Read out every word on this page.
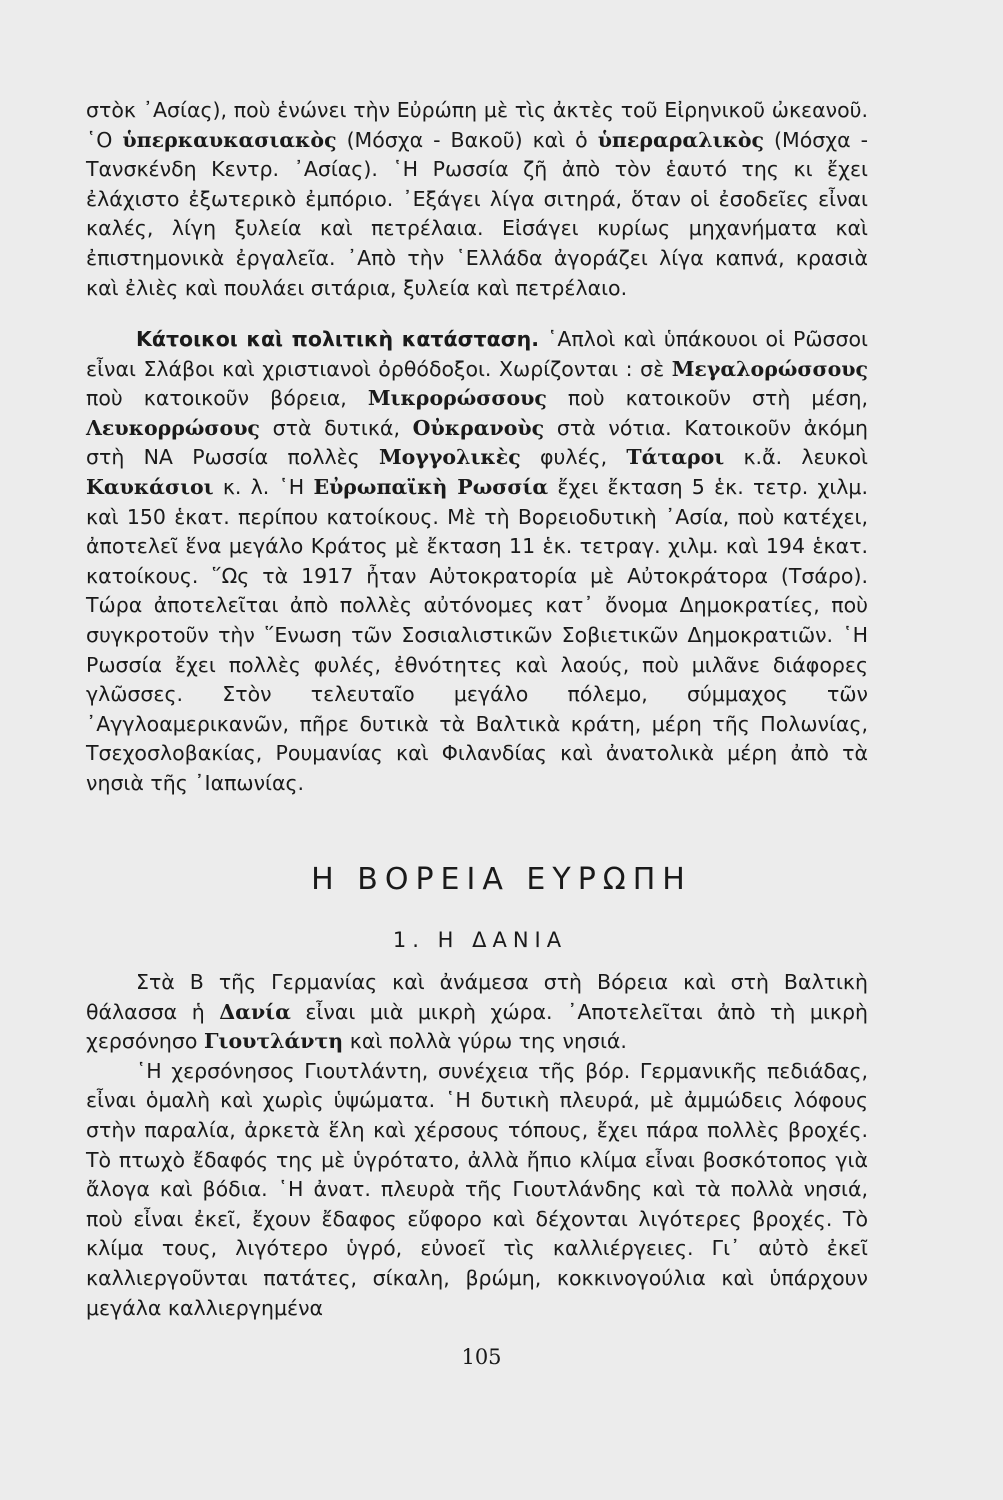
στὸκ ᾽Ασίας), ποὺ ἑνώνει τὴν Εὐρώπη μὲ τὶς ἀκτὲς τοῦ Εἰρηνικοῦ ὠκεανοῦ. ῾Ο ὑπερκαυκασιακὸς (Μόσχα - Βακοῦ) καὶ ὁ ὑπεραραλικὸς (Μόσχα - Τανσκένδη Κεντρ. ᾽Ασίας). ῾Η Ρωσσία ζῆ ἀπὸ τὸν ἑαυτό της κι ἔχει ἐλάχιστο ἐξωτερικὸ ἐμπόριο. ᾽Εξάγει λίγα σιτηρά, ὅταν οἱ ἐσοδεῖες εἶναι καλές, λίγη ξυλεία καὶ πετρέλαια. Εἰσάγει κυρίως μηχανήματα καὶ ἐπιστημονικὰ ἐργαλεῖα. ᾽Απὸ τὴν ῾Ελλάδα ἀγοράζει λίγα καπνά, κρασιὰ καὶ ἐλιὲς καὶ πουλάει σιτάρια, ξυλεία καὶ πετρέλαιο.

Κάτοικοι καὶ πολιτικὴ κατάσταση. ῾Απλοὶ καὶ ὑπάκουοι οἱ Ρῶσσοι εἶναι Σλάβοι καὶ χριστιανοὶ ὀρθόδοξοι. Χωρίζονται : σὲ Μεγαλορώσσους ποὺ κατοικοῦν βόρεια, Μικρορώσσους ποὺ κατοικοῦν στὴ μέση, Λευκορρώσους στὰ δυτικά, Οὐκρανοὺς στὰ νότια. Κατοικοῦν ἀκόμη στὴ ΝΑ Ρωσσία πολλὲς Μογγολικὲς φυλές, Τάταροι κ.ἄ. λευκοὶ Καυκάσιοι κ. λ. ῾Η Εὐρωπαϊκὴ Ρωσσία ἔχει ἔκταση 5 ἑκ. τετρ. χιλμ. καὶ 150 ἑκατ. περίπου κατοίκους. Μὲ τὴ Βορειοδυτικὴ ᾽Ασία, ποὺ κατέχει, ἀποτελεῖ ἕνα μεγάλο Κράτος μὲ ἔκταση 11 ἑκ. τετραγ. χιλμ. καὶ 194 ἑκατ. κατοίκους. ῞Ως τὰ 1917 ἦταν Αὐτοκρατορία μὲ Αὐτοκράτορα (Τσάρο). Τώρα ἀποτελεῖται ἀπὸ πολλὲς αὐτόνομες κατ᾽ ὄνομα Δημοκρατίες, ποὺ συγκροτοῦν τὴν ῞Ενωση τῶν Σοσιαλιστικῶν Σοβιετικῶν Δημοκρατιῶν. ῾Η Ρωσσία ἔχει πολλὲς φυλές, ἐθνότητες καὶ λαούς, ποὺ μιλᾶνε διάφορες γλῶσσες. Στὸν τελευταῖο μεγάλο πόλεμο, σύμμαχος τῶν ᾽Αγγλοαμερικανῶν, πῆρε δυτικὰ τὰ Βαλτικὰ κράτη, μέρη τῆς Πολωνίας, Τσεχοσλοβακίας, Ρουμανίας καὶ Φιλανδίας καὶ ἀνατολικὰ μέρη ἀπὸ τὰ νησιὰ τῆς ᾽Ιαπωνίας.

Η ΒΟΡΕΙΑ ΕΥΡΩΠΗ
1. Η ΔΑΝΙΑ

Στὰ Β τῆς Γερμανίας καὶ ἀνάμεσα στὴ Βόρεια καὶ στὴ Βαλτικὴ θάλασσα ἡ Δανία εἶναι μιὰ μικρὴ χώρα. ᾽Αποτελεῖται ἀπὸ τὴ μικρὴ χερσόνησο Γιουτλάντη καὶ πολλὰ γύρω της νησιά.

῾Η χερσόνησος Γιουτλάντη, συνέχεια τῆς βόρ. Γερμανικῆς πεδιάδας, εἶναι ὁμαλὴ καὶ χωρὶς ὑψώματα. ῾Η δυτικὴ πλευρά, μὲ ἀμμώδεις λόφους στὴν παραλία, ἀρκετὰ ἕλη καὶ χέρσους τόπους, ἔχει πάρα πολλὲς βροχές. Τὸ πτωχὸ ἔδαφός της μὲ ὑγρότατο, ἀλλὰ ἤπιο κλίμα εἶναι βοσκότοπος γιὰ ἄλογα καὶ βόδια. ῾Η ἀνατ. πλευρὰ τῆς Γιουτλάνδης καὶ τὰ πολλὰ νησιά, ποὺ εἶναι ἐκεῖ, ἔχουν ἔδαφος εὔφορο καὶ δέχονται λιγότερες βροχές. Τὸ κλίμα τους, λιγότερο ὑγρό, εὐνοεῖ τὶς καλλιέργειες. Γι᾽ αὐτὸ ἐκεῖ καλλιεργοῦνται πατάτες, σίκαλη, βρώμη, κοκκινογούλια καὶ ὑπάρχουν μεγάλα καλλιεργημένα

105
